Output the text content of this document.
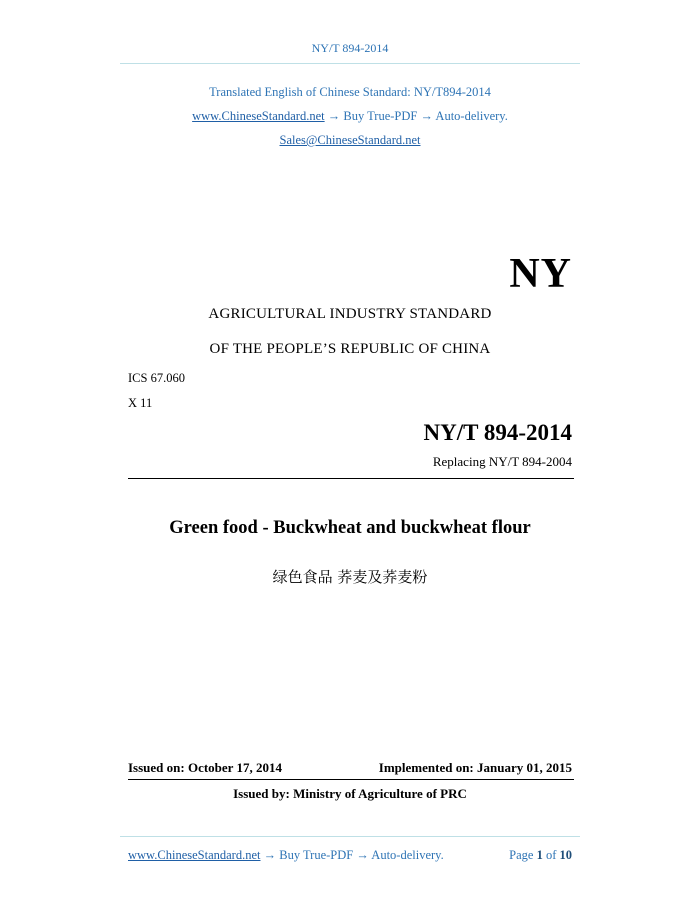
NY/T 894-2014
Translated English of Chinese Standard: NY/T894-2014
www.ChineseStandard.net → Buy True-PDF → Auto-delivery.
Sales@ChineseStandard.net
NY
AGRICULTURAL INDUSTRY STANDARD
OF THE PEOPLE’S REPUBLIC OF CHINA
ICS 67.060
X 11
NY/T 894-2014
Replacing NY/T 894-2004
Green food - Buckwheat and buckwheat flour
绿色食品 荞麦及荞麦粉
Issued on: October 17, 2014	Implemented on: January 01, 2015
Issued by: Ministry of Agriculture of PRC
www.ChineseStandard.net → Buy True-PDF → Auto-delivery.	Page 1 of 10
